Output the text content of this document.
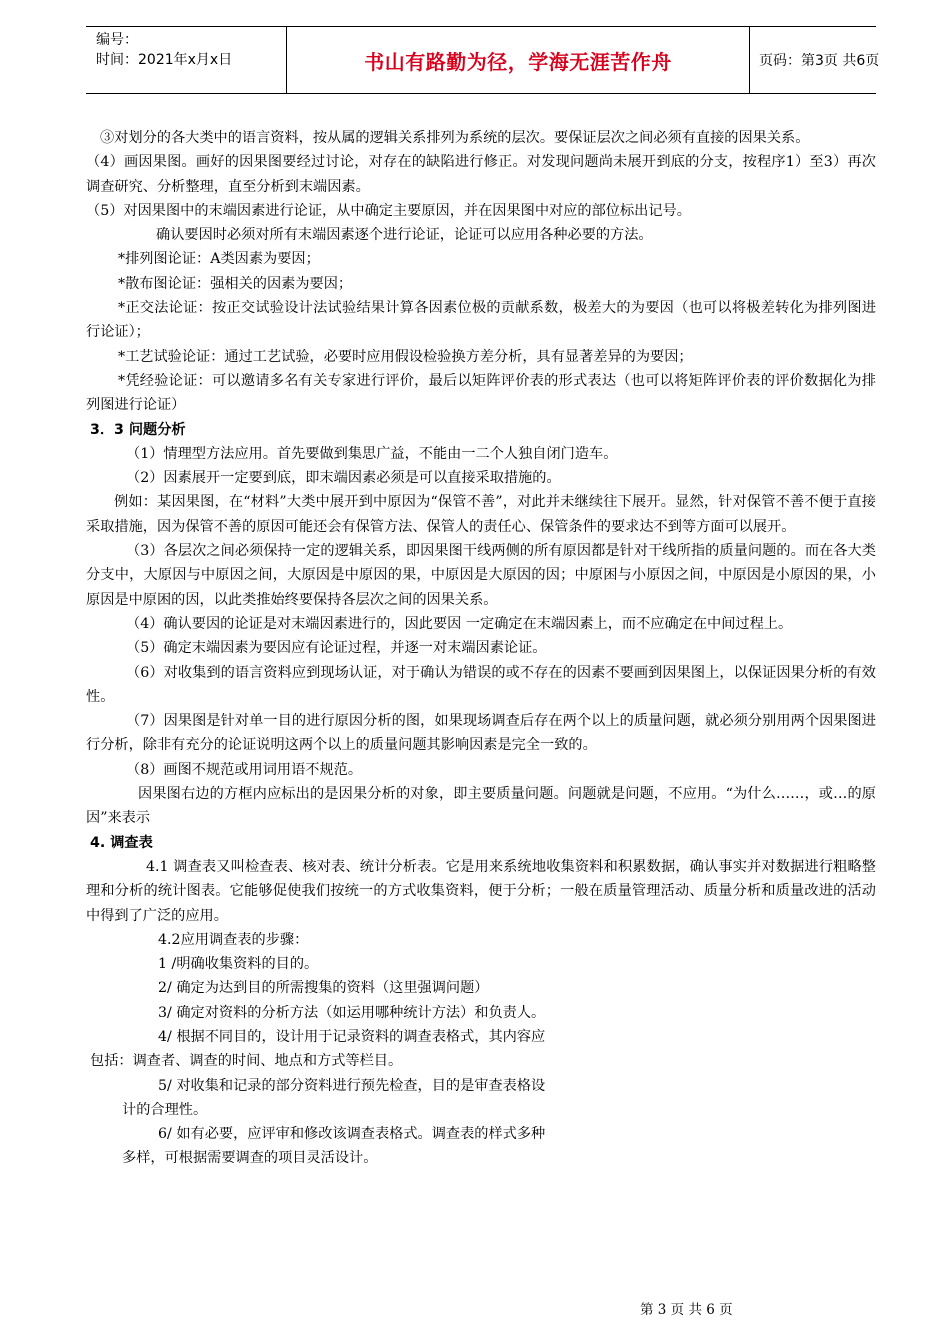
编号：
时间：2021年x月x日	书山有路勤为径，学海无涯苦作舟	页码：第3页 共6页

③对划分的各大类中的语言资料，按从属的逻辑关系排列为系统的层次。要保证层次之间必须有直接的因果关系。

（4）画因果图。画好的因果图要经过讨论，对存在的缺陷进行修正。对发现问题尚未展开到底的分支，按程序1）至3）再次调查研究、分析整理，直至分析到末端因素。

（5）对因果图中的末端因素进行论证，从中确定主要原因，并在因果图中对应的部位标出记号。

确认要因时必须对所有末端因素逐个进行论证，论证可以应用各种必要的方法。

*排列图论证：A类因素为要因；

*散布图论证：强相关的因素为要因；

*正交法论证：按正交试验设计法试验结果计算各因素位极的贡献系数，极差大的为要因（也可以将极差转化为排列图进行论证）；

*工艺试验论证：通过工艺试验，必要时应用假设检验换方差分析，具有显著差异的为要因；

*凭经验论证：可以邀请多名有关专家进行评价，最后以矩阵评价表的形式表达（也可以将矩阵评价表的评价数据化为排列图进行论证）

3．3 问题分析

（1）情理型方法应用。首先要做到集思广益，不能由一二个人独自闭门造车。

（2）因素展开一定要到底，即末端因素必须是可以直接采取措施的。

例如：某因果图，在“材料”大类中展开到中原因为“保管不善”，对此并未继续往下展开。显然，针对保管不善不便于直接采取措施，因为保管不善的原因可能还会有保管方法、保管人的责任心、保管条件的要求达不到等方面可以展开。

（3）各层次之间必须保持一定的逻辑关系，即因果图干线两侧的所有原因都是针对干线所指的质量问题的。而在各大类分支中，大原因与中原因之间，大原因是中原因的果，中原因是大原因的因；中原困与小原因之间，中原因是小原因的果，小原因是中原困的因，以此类推始终要保持各层次之间的因果关系。

（4）确认要因的论证是对末端因素进行的，因此要因 一定确定在末端因素上，而不应确定在中间过程上。

（5）确定末端因素为要因应有论证过程，并逐一对末端因素论证。

（6）对收集到的语言资料应到现场认证，对于确认为错误的或不存在的因素不要画到因果图上，以保证因果分析的有效性。

（7）因果图是针对单一目的进行原因分析的图，如果现场调查后存在两个以上的质量问题，就必须分别用两个因果图进行分析，除非有充分的论证说明这两个以上的质量问题其影响因素是完全一致的。

（8）画图不规范或用词用语不规范。

因果图右边的方框内应标出的是因果分析的对象，即主要质量问题。问题就是问题，不应用。“为什么……，或…的原因”来表示

4. 调查表

4.1 调查表又叫检查表、核对表、统计分析表。它是用来系统地收集资料和积累数据，确认事实并对数据进行粗略整理和分析的统计图表。它能够促使我们按统一的方式收集资料，便于分析；一般在质量管理活动、质量分析和质量改进的活动中得到了广泛的应用。

4.2应用调查表的步骤：

1 /明确收集资料的目的。

2/ 确定为达到目的所需搜集的资料（这里强调问题）

3/ 确定对资料的分析方法（如运用哪种统计方法）和负责人。

4/ 根据不同目的，设计用于记录资料的调查表格式，其内容应

包括：调查者、调查的时间、地点和方式等栏目。

5/ 对收集和记录的部分资料进行预先检查，目的是审查表格设

计的合理性。

6/ 如有必要，应评审和修改该调查表格式。调查表的样式多种

多样，可根据需要调查的项目灵活设计。

第 3 页 共 6 页
